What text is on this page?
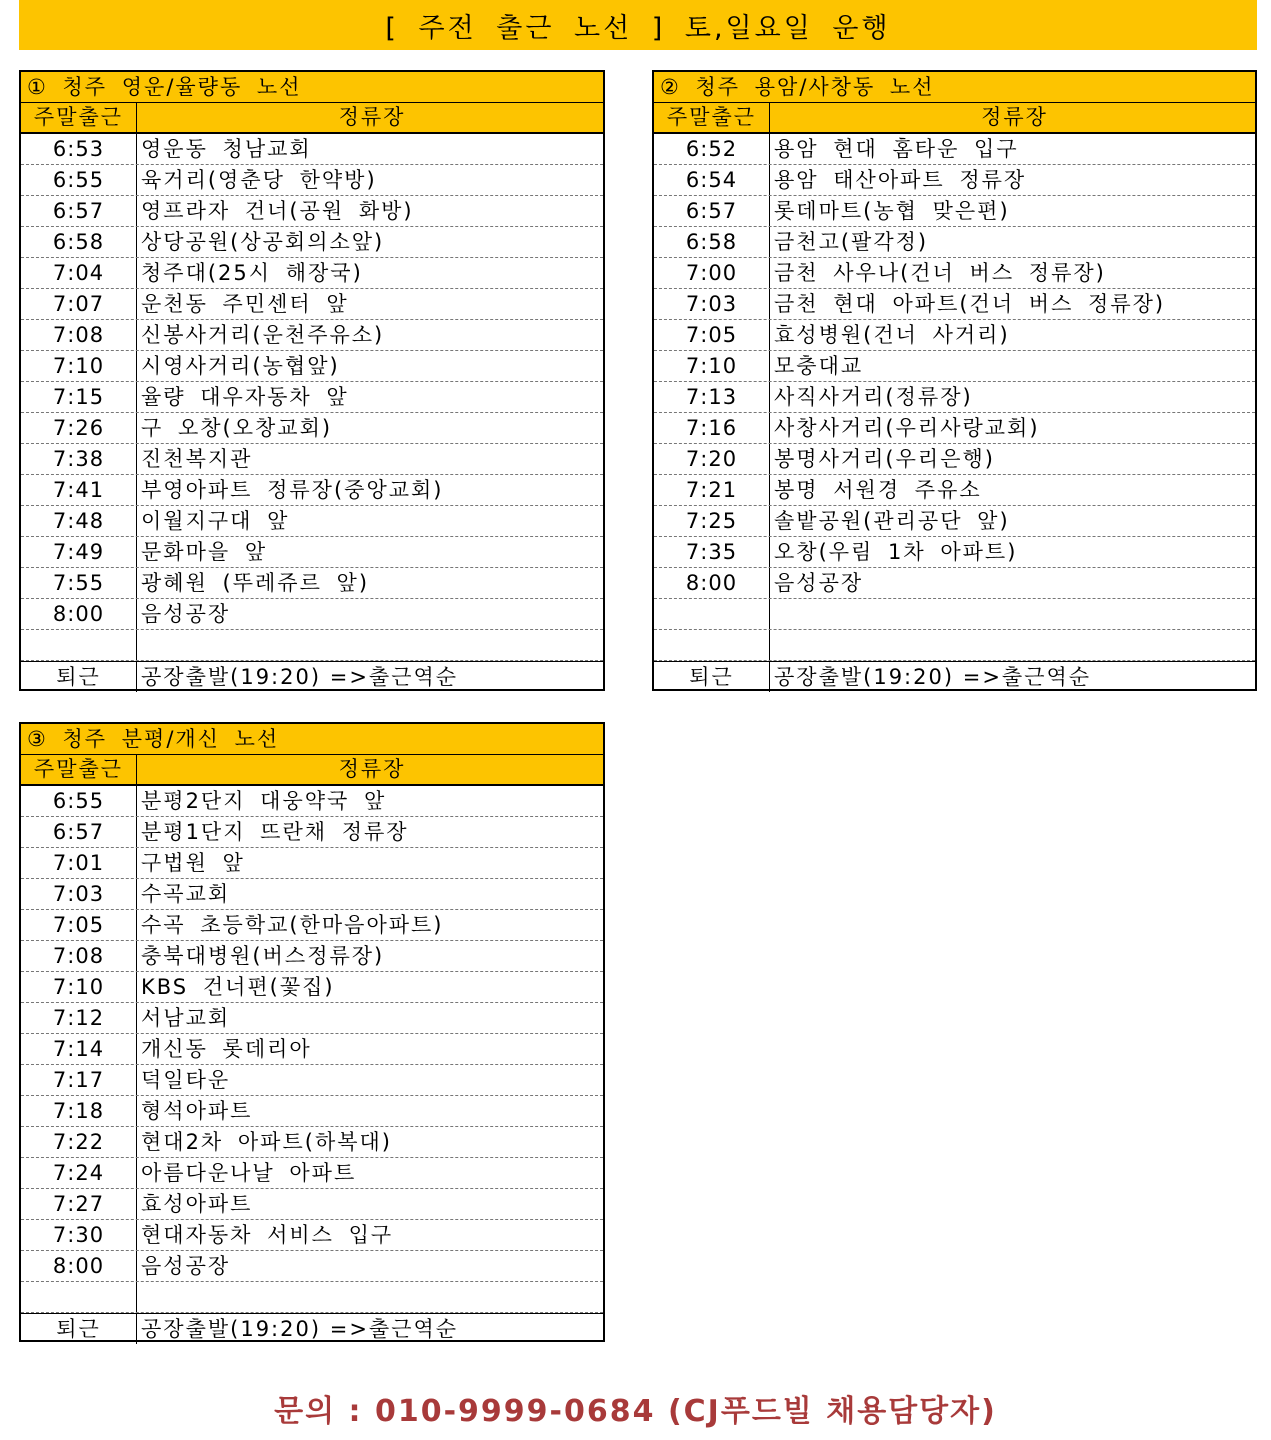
[ 주전 출근 노선 ] 토,일요일 운행
① 청주 영운/율량동 노선
주말출근	정류장
6:53	영운동 청남교회
6:55	육거리(영춘당 한약방)
6:57	영프라자 건너(공원 화방)
6:58	상당공원(상공회의소앞)
7:04	청주대(25시 해장국)
7:07	운천동 주민센터 앞
7:08	신봉사거리(운천주유소)
7:10	시영사거리(농협앞)
7:15	율량 대우자동차 앞
7:26	구 오창(오창교회)
7:38	진천복지관
7:41	부영아파트 정류장(중앙교회)
7:48	이월지구대 앞
7:49	문화마을 앞
7:55	광혜원 (뚜레쥬르 앞)
8:00	음성공장
퇴근	공장출발(19:20) =>출근역순
② 청주 용암/사창동 노선
주말출근	정류장
6:52	용암 현대 홈타운 입구
6:54	용암 태산아파트 정류장
6:57	롯데마트(농협 맞은편)
6:58	금천고(팔각정)
7:00	금천 사우나(건너 버스 정류장)
7:03	금천 현대 아파트(건너 버스 정류장)
7:05	효성병원(건너 사거리)
7:10	모충대교
7:13	사직사거리(정류장)
7:16	사창사거리(우리사랑교회)
7:20	봉명사거리(우리은행)
7:21	봉명 서원경 주유소
7:25	솔밭공원(관리공단 앞)
7:35	오창(우림 1차 아파트)
8:00	음성공장
퇴근	공장출발(19:20) =>출근역순
③ 청주 분평/개신 노선
주말출근	정류장
6:55	분평2단지 대웅약국 앞
6:57	분평1단지 뜨란채 정류장
7:01	구법원 앞
7:03	수곡교회
7:05	수곡 초등학교(한마음아파트)
7:08	충북대병원(버스정류장)
7:10	KBS 건너편(꽃집)
7:12	서남교회
7:14	개신동 롯데리아
7:17	덕일타운
7:18	형석아파트
7:22	현대2차 아파트(하복대)
7:24	아름다운나날 아파트
7:27	효성아파트
7:30	현대자동차 서비스 입구
8:00	음성공장
퇴근	공장출발(19:20) =>출근역순
문의 : 010-9999-0684 (CJ푸드빌 채용담당자)
